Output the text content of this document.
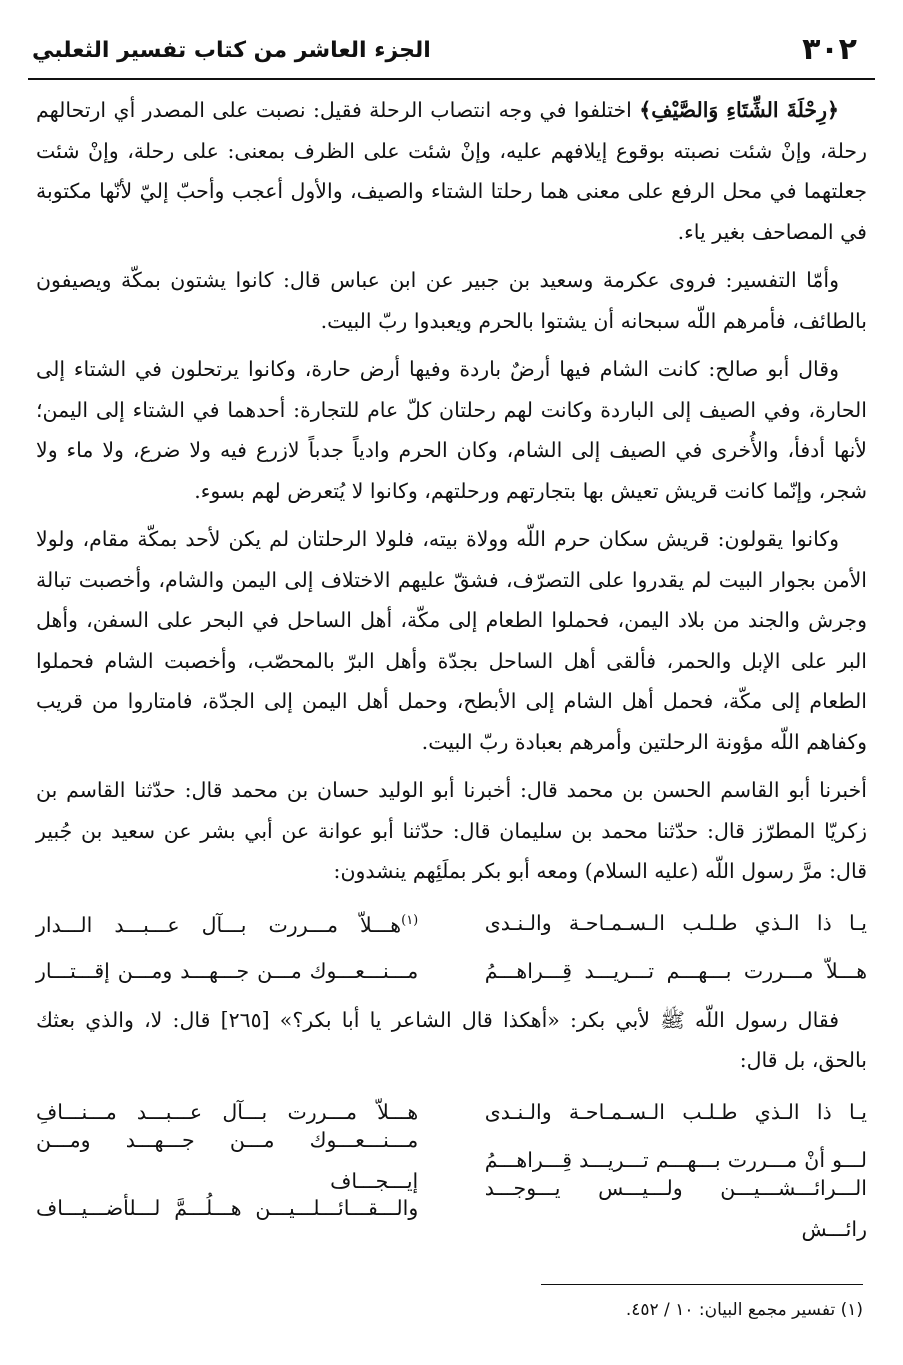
٣٠٢
الجزء العاشر من كتاب تفسير الثعلبي

﴿رِحْلَةَ الشِّتَاءِ وَالصَّيْفِ﴾ اختلفوا في وجه انتصاب الرحلة فقيل: نصبت على المصدر أي ارتحالهم رحلة، وإنْ شئت نصبته بوقوع إيلافهم عليه، وإنْ شئت على الظرف بمعنى: على رحلة، وإنْ شئت جعلتهما في محل الرفع على معنى هما رحلتا الشتاء والصيف، والأول أعجب وأحبّ إليّ لأنّها مكتوبة في المصاحف بغير ياء.

وأمّا التفسير: فروى عكرمة وسعيد بن جبير عن ابن عباس قال: كانوا يشتون بمكّة ويصيفون بالطائف، فأمرهم اللّه سبحانه أن يشتوا بالحرم ويعبدوا ربّ البيت.

وقال أبو صالح: كانت الشام فيها أرضٌ باردة وفيها أرض حارة، وكانوا يرتحلون في الشتاء إلى الحارة، وفي الصيف إلى الباردة وكانت لهم رحلتان كلّ عام للتجارة: أحدهما في الشتاء إلى اليمن؛ لأنها أدفأ، والأُخرى في الصيف إلى الشام، وكان الحرم وادياً جدباً لازرع فيه ولا ضرع، ولا ماء ولا شجر، وإنّما كانت قريش تعيش بها بتجارتهم ورحلتهم، وكانوا لا يُتعرض لهم بسوء.

وكانوا يقولون: قريش سكان حرم اللّه وولاة بيته، فلولا الرحلتان لم يكن لأحد بمكّة مقام، ولولا الأمن بجوار البيت لم يقدروا على التصرّف، فشقّ عليهم الاختلاف إلى اليمن والشام، وأخصبت تبالة وجرش والجند من بلاد اليمن، فحملوا الطعام إلى مكّة، أهل الساحل في البحر على السفن، وأهل البر على الإبل والحمر، فألقى أهل الساحل بجدّة وأهل البرّ بالمحصّب، وأخصبت الشام فحملوا الطعام إلى مكّة، فحمل أهل الشام إلى الأبطح، وحمل أهل اليمن إلى الجدّة، فامتاروا من قريب وكفاهم اللّه مؤونة الرحلتين وأمرهم بعبادة ربّ البيت.

أخبرنا أبو القاسم الحسن بن محمد قال: أخبرنا أبو الوليد حسان بن محمد قال: حدّثنا القاسم بن زكريّا المطرّز قال: حدّثنا محمد بن سليمان قال: حدّثنا أبو عوانة عن أبي بشر عن سعيد بن جُبير قال: مرَّ رسول اللّه (عليه السلام) ومعه أبو بكر بملَئِهم ينشدون:

يـا ذا الـذي طـلـب الـسـمـاحـة والـنـدى
$^{(١)}$هـــلاّ مـــررت بـــآل عـــبـــد الـــدار
هـــلاّ مـــررت بـــهـــم تـــريـــد قِـــراهـــمُ
مـــنـــعـــوك مـــن جـــهـــد ومـــن إقـــتـــار

فقال رسول اللّه ﷺ لأبي بكر: «أهكذا قال الشاعر يا أبا بكر؟» [٢٦٥] قال: لا، والذي بعثك بالحق، بل قال:

يـا ذا الـذي طـلـب الـسـمـاحـة والـنـدى
هـــلاّ مـــررت بـــآل عـــبـــد مـــنـــافِ
لـــو أنْ مـــررت بـــهـــم تـــريـــد قِـــراهـــمُ
مـــنـــعـــوك مـــن جـــهـــد ومـــن إيـــجـــاف	الـــرائـــشـــيـــن ولـــيـــس يـــوجـــد رائـــش
والـــقـــائـــلـــيـــن هـــلُـــمَّ لـــلأضـــيـــاف
(١) تفسير مجمع البيان: ١٠ / ٤٥٢.
